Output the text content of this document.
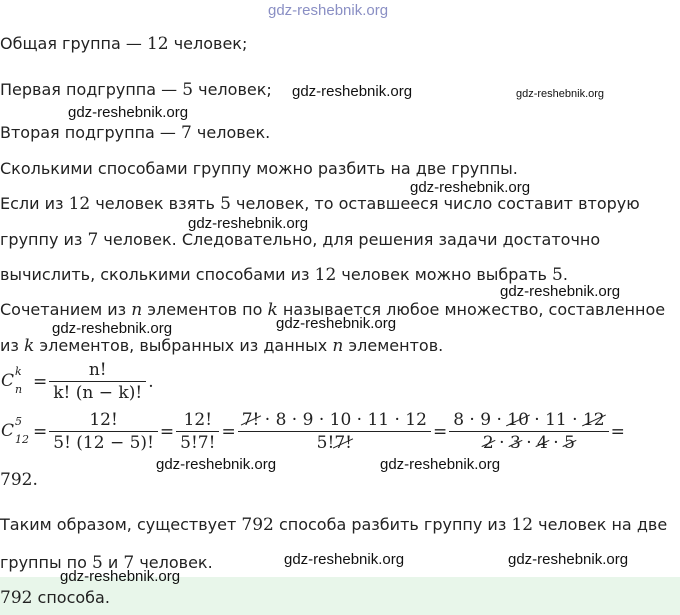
gdz-reshebnik.org
Общая группа — 12 человек;
Первая подгруппа — 5 человек;
Вторая подгруппа — 7 человек.
Сколькими способами группу можно разбить на две группы.
Если из 12 человек взять 5 человек, то оставшееся число составит вторую
группу из 7 человек. Следовательно, для решения задачи достаточно
вычислить, сколькими способами из 12 человек можно выбрать 5.
Сочетанием из n элементов по k называется любое множество, составленное
из k элементов, выбранных из данных n элементов.
C k
$n = \frac{n!}{k! (n - k)!}$ .
C 5
$12 = \frac{12!}{5! (12 - 5)!} = \frac{12!}{5!7!} = \frac{7! \cdot 8 \cdot 9 \cdot 10 \cdot 11 \cdot 12}{5!7!} = \frac{8 \cdot 9 \cdot 10 \cdot 11 \cdot 12}{2 \cdot 3 \cdot 4 \cdot 5}$ =
792.
Таким образом, существует 792 способа разбить группу из 12 человек на две
группы по 5 и 7 человек.
792 способа.
gdz-reshebnik.org	gdz-reshebnik.org
gdz-reshebnik.org
gdz-reshebnik.org
gdz-reshebnik.org
gdz-reshebnik.org
gdz-reshebnik.org
gdz-reshebnik.org
gdz-reshebnik.org	gdz-reshebnik.org
gdz-reshebnik.org	gdz-reshebnik.org
gdz-reshebnik.org
